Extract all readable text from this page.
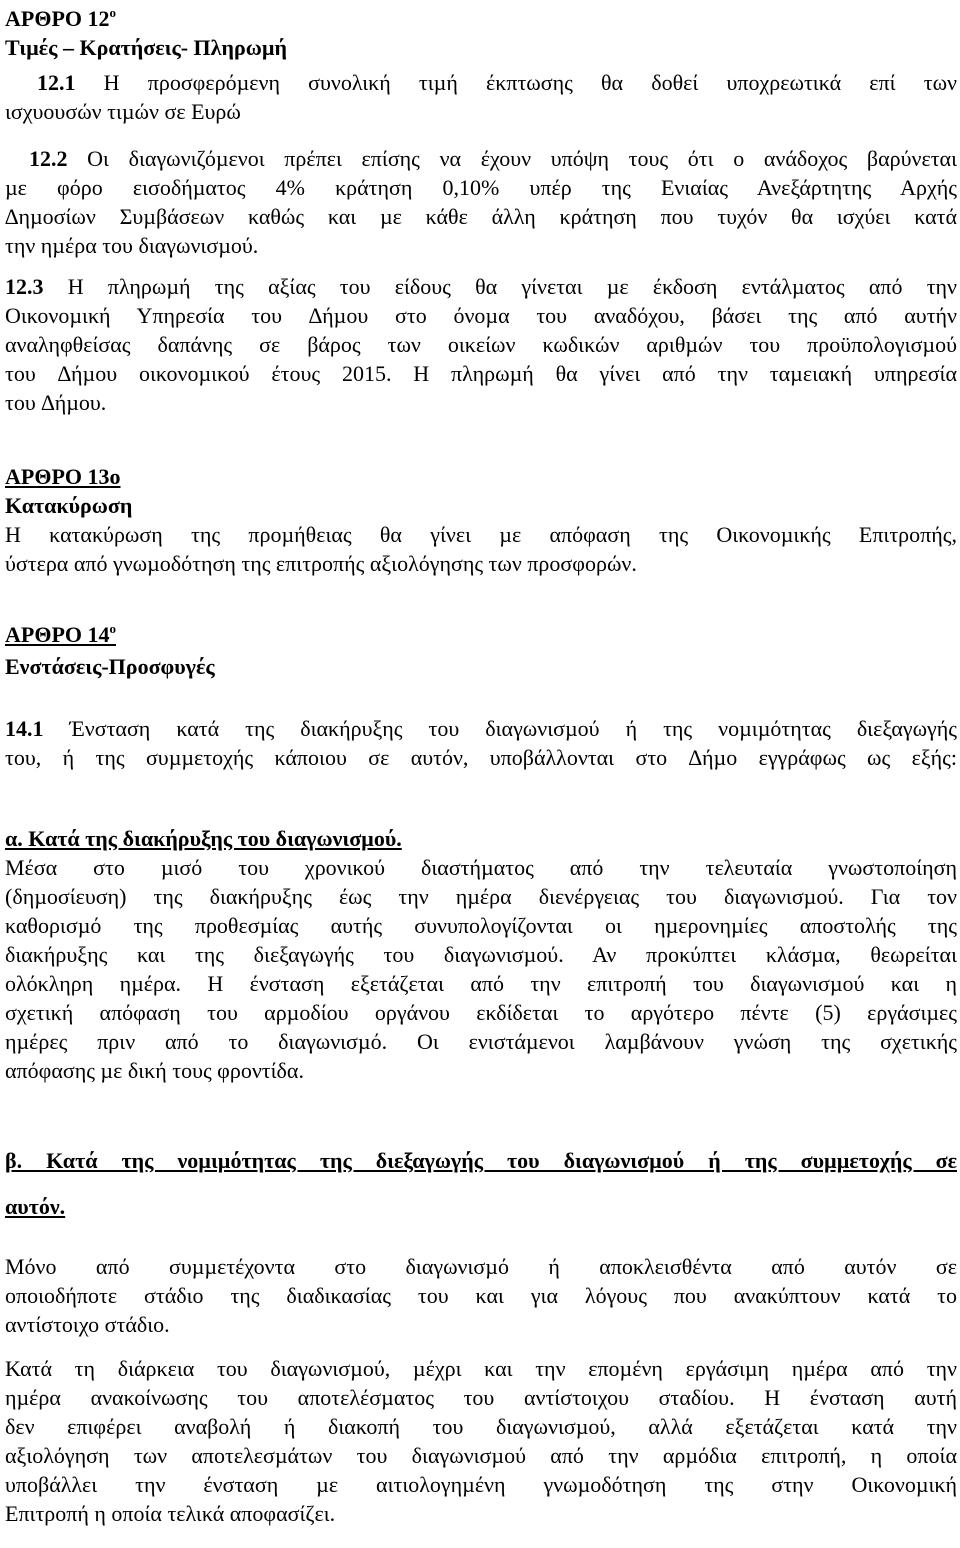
ΑΡΘΡΟ $12^o$

Τιµές – Κρατήσεις- Πληρωµή

12.1 Η προσφερόµενη συνολική τιµή έκπτωσης θα δοθεί υποχρεωτικά επί των

ισχυουσών τιµών σε Ευρώ

12.2 Οι διαγωνιζόµενοι πρέπει επίσης να έχουν υπόψη τους ότι ο ανάδοχος βαρύνεται

µε φόρο εισοδήµατος 4% κράτηση 0,10% υπέρ της Ενιαίας Ανεξάρτητης Αρχής

∆ηµοσίων Συµβάσεων καθώς και µε κάθε άλλη κράτηση που τυχόν θα ισχύει κατά

την ηµέρα του διαγωνισµού.

12.3 Η πληρωµή της αξίας του είδους θα γίνεται µε έκδοση εντάλµατος από την

Οικονοµική Υπηρεσία του ∆ήµου στο όνοµα του αναδόχου, βάσει της από αυτήν

αναληφθείσας δαπάνης σε βάρος των οικείων κωδικών αριθµών του προϋπολογισµού

του ∆ήµου οικονοµικού έτους 2015. Η πληρωµή θα γίνει από την ταµειακή υπηρεσία

του ∆ήµου.

ΑΡΘΡΟ 13ο

Κατακύρωση

Η κατακύρωση της προµήθειας θα γίνει µε απόφαση της Οικονοµικής Επιτροπής,

ύστερα από γνωµοδότηση της επιτροπής αξιολόγησης των προσφορών.

ΑΡΘΡΟ $14^o$

Ενστάσεις-Προσφυγές

14.1 Ένσταση κατά της διακήρυξης του διαγωνισµού ή της νοµιµότητας διεξαγωγής

του, ή της συµµετοχής κάποιου σε αυτόν, υποβάλλονται στο ∆ήµο εγγράφως ως εξής:

α. Κατά της διακήρυξης του διαγωνισµού.

Μέσα στο µισό του χρονικού διαστήµατος από την τελευταία γνωστοποίηση

(δηµοσίευση) της διακήρυξης έως την ηµέρα διενέργειας του διαγωνισµού. Για τον

καθορισµό της προθεσµίας αυτής συνυπολογίζονται οι ηµερονηµίες αποστολής της

διακήρυξης και της διεξαγωγής του διαγωνισµού. Αν προκύπτει κλάσµα, θεωρείται

ολόκληρη ηµέρα. Η ένσταση εξετάζεται από την επιτροπή του διαγωνισµού και η

σχετική απόφαση του αρµοδίου οργάνου εκδίδεται το αργότερο πέντε (5) εργάσιµες

ηµέρες πριν από το διαγωνισµό. Οι ενιστάµενοι λαµβάνουν γνώση της σχετικής

απόφασης µε δική τους φροντίδα.

β. Κατά της νοµιµότητας της διεξαγωγής του διαγωνισµού ή της συµµετοχής σε

αυτόν.

Μόνο από συµµετέχοντα στο διαγωνισµό ή αποκλεισθέντα από αυτόν σε

οποιοδήποτε στάδιο της διαδικασίας του και για λόγους που ανακύπτουν κατά το

αντίστοιχο στάδιο.

Κατά τη διάρκεια του διαγωνισµού, µέχρι και την εποµένη εργάσιµη ηµέρα από την

ηµέρα ανακοίνωσης του αποτελέσµατος του αντίστοιχου σταδίου. Η ένσταση αυτή

δεν επιφέρει αναβολή ή διακοπή του διαγωνισµού, αλλά εξετάζεται κατά την

αξιολόγηση των αποτελεσµάτων του διαγωνισµού από την αρµόδια επιτροπή, η οποία

υποβάλλει την ένσταση µε αιτιολογηµένη γνωµοδότηση της στην Οικονοµική

Επιτροπή η οποία τελικά αποφασίζει.
